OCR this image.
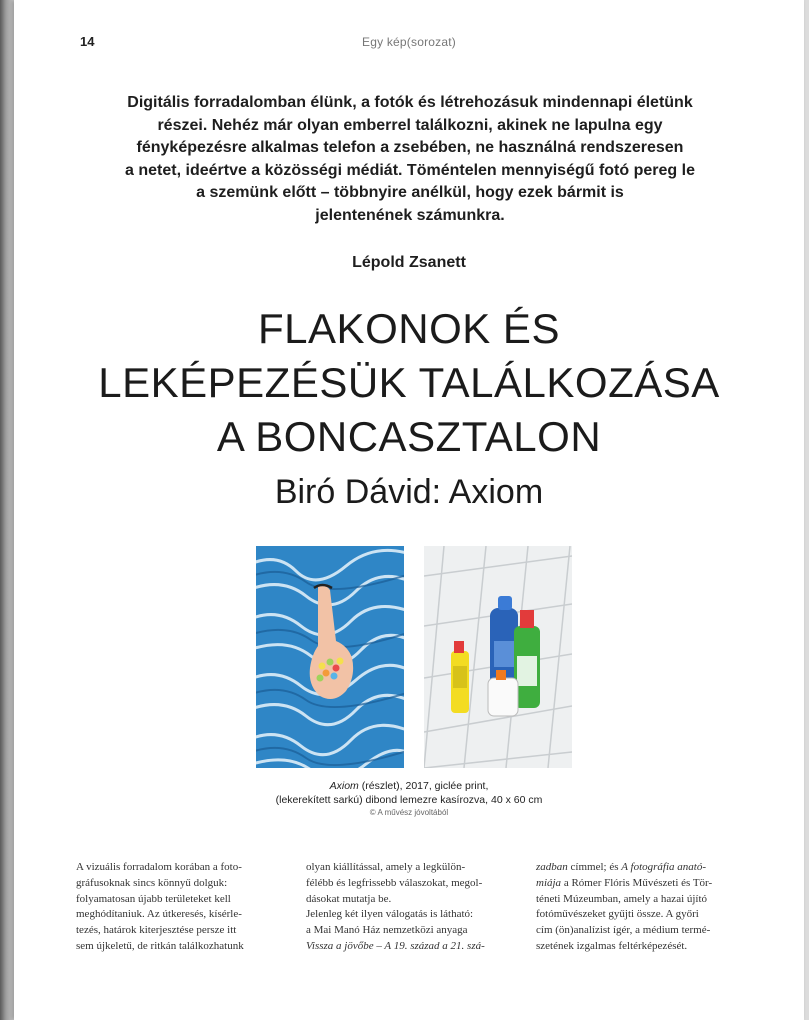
14	Egy kép(sorozat)
Digitális forradalomban élünk, a fotók és létrehozásuk mindennapi életünk
részei. Nehéz már olyan emberrel találkozni, akinek ne lapulna egy
fényképezésre alkalmas telefon a zsebében, ne használná rendszeresen
a netet, ideértve a közösségi médiát. Töméntelen mennyiségű fotó pereg le
a szemünk előtt – többnyire anélkül, hogy ezek bármit is
jelentenének számunkra.
Lépold Zsanett
FLAKONOK ÉS
LEKÉPEZÉSÜK TALÁLKOZÁSA
A BONCASZTALON
Biró Dávid: Axiom
Axiom (részlet), 2017, giclée print,
(lekerekített sarkú) dibond lemezre kasírozva, 40 x 60 cm
© A művész jóvoltából
A vizuális forradalom korában a foto-
gráfusoknak sincs könnyű dolguk:
folyamatosan újabb területeket kell
meghódítaniuk. Az útkeresés, kísérle-
tezés, határok kiterjesztése persze itt
sem újkeletű, de ritkán találkozhatunk
olyan kiállítással, amely a legkülön-
félébb és legfrissebb válaszokat, megol-
dásokat mutatja be.
Jelenleg két ilyen válogatás is látható:
a Mai Manó Ház nemzetközi anyaga
Vissza a jövőbe – A 19. század a 21. szá-
zadban címmel; és A fotográfia anató-
miája a Rómer Flóris Művészeti és Tör-
téneti Múzeumban, amely a hazai újító
fotóművészeket gyűjti össze. A győri
cím (ön)analízist ígér, a médium termé-
szetének izgalmas feltérképezését.
